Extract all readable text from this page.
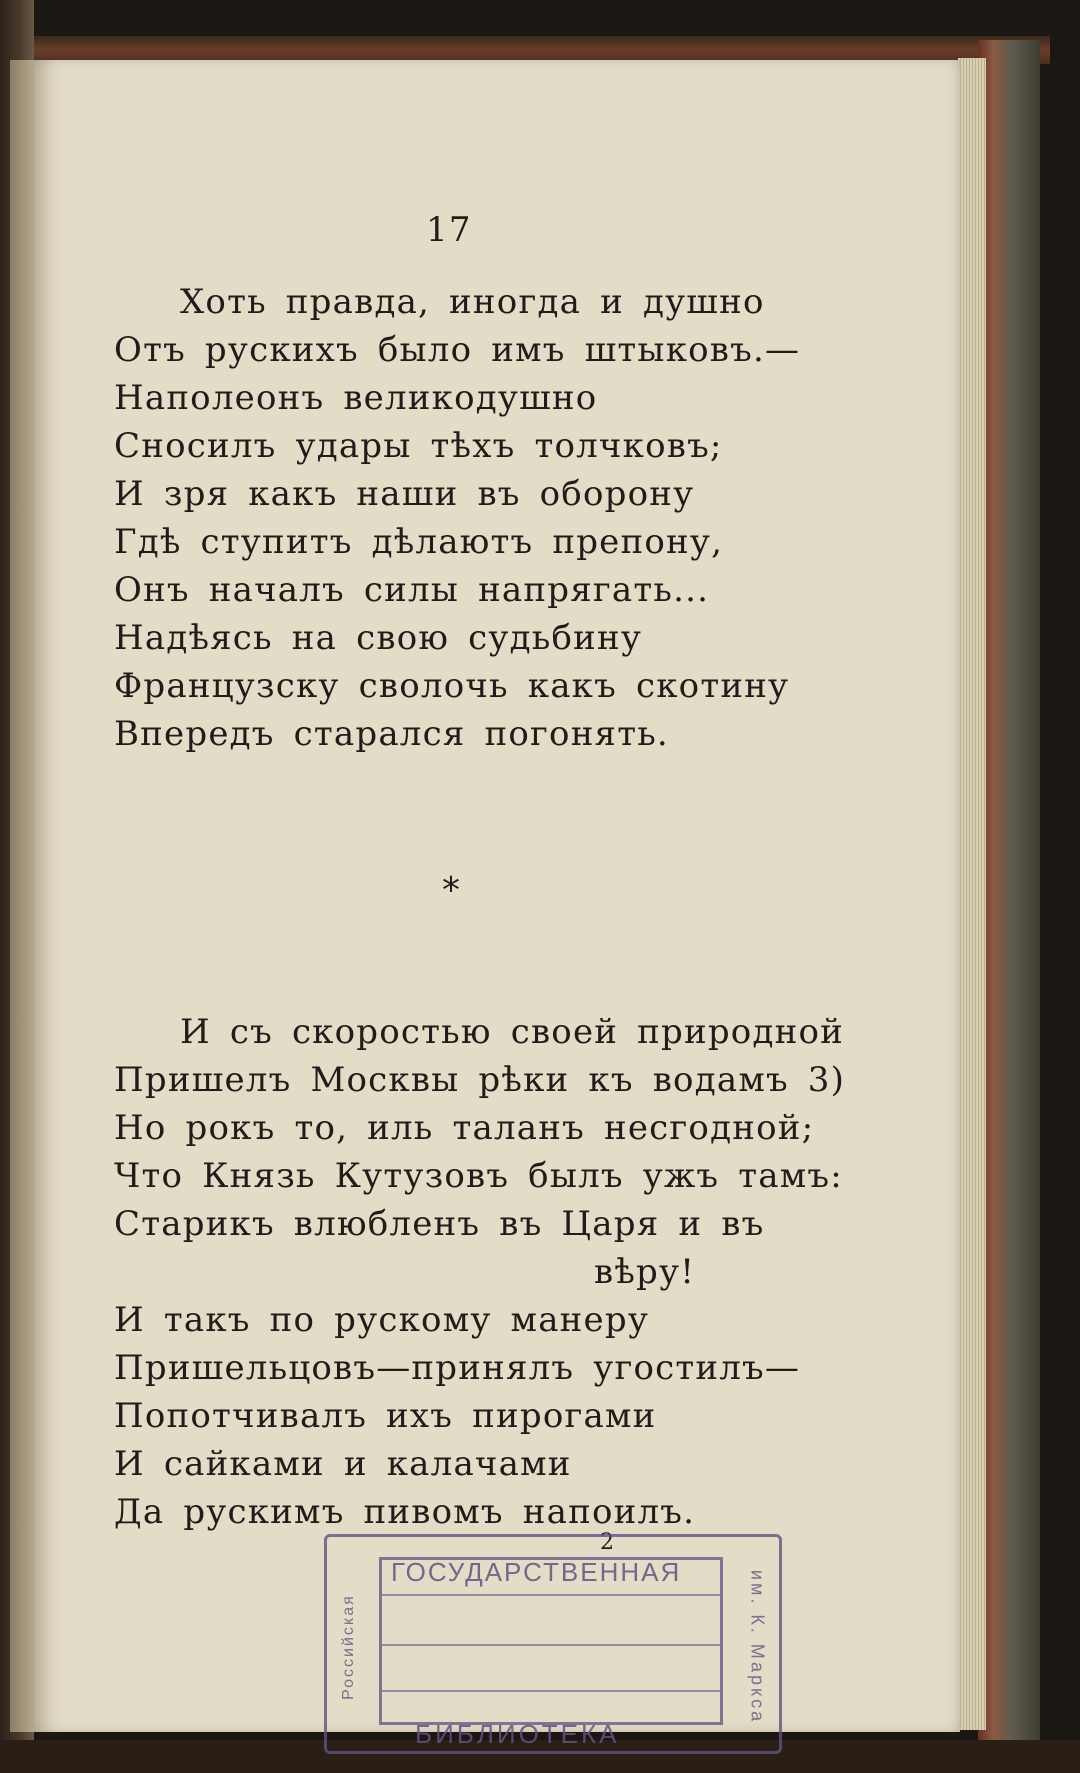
17
Хоть правда, иногда и душно
Отъ рускихъ было имъ штыковъ.—
Наполеонъ великодушно
Сносилъ удары тѣхъ толчковъ;
И зря какъ наши въ оборону
Гдѣ ступитъ дѣлаютъ препону,
Онъ началъ силы напрягать...
Надѣясь на свою судьбину
Французску сволочь какъ скотину
Впередъ старался погонять.
*
И съ скоростью своей природной
Пришелъ Москвы рѣки къ водамъ 3)
Но рокъ то, иль таланъ несгодной;
Что Князь Кутузовъ былъ ужъ тамъ:
Старикъ влюбленъ въ Царя и въ
вѣру!
И такъ по рускому манеру
Пришельцовъ—принялъ угостилъ—
Попотчивалъ ихъ пирогами
И сайками и калачами
Да рускимъ пивомъ напоилъ.
2
ГОСУДАРСТВЕННАЯ
БИБЛИОТЕКА
Российская	им. К. Маркса
